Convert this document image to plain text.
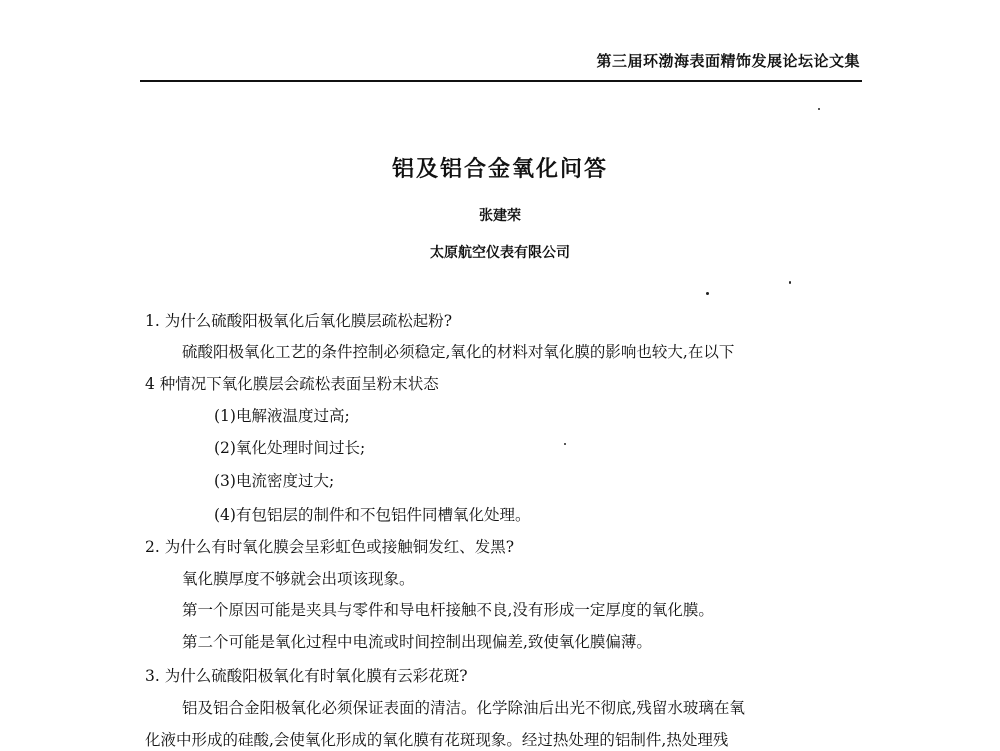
第三届环渤海表面精饰发展论坛论文集
铝及铝合金氧化问答
张建荣
太原航空仪表有限公司
1. 为什么硫酸阳极氧化后氧化膜层疏松起粉?
硫酸阳极氧化工艺的条件控制必须稳定,氧化的材料对氧化膜的影响也较大,在以下
4 种情况下氧化膜层会疏松表面呈粉末状态
(1)电解液温度过高;
(2)氧化处理时间过长;
(3)电流密度过大;
(4)有包铝层的制件和不包铝件同槽氧化处理。
2. 为什么有时氧化膜会呈彩虹色或接触铜发红、发黑?
氧化膜厚度不够就会出项该现象。
第一个原因可能是夹具与零件和导电杆接触不良,没有形成一定厚度的氧化膜。
第二个可能是氧化过程中电流或时间控制出现偏差,致使氧化膜偏薄。
3. 为什么硫酸阳极氧化有时氧化膜有云彩花斑?
铝及铝合金阳极氧化必须保证表面的清洁。化学除油后出光不彻底,残留水玻璃在氧
化液中形成的硅酸,会使氧化形成的氧化膜有花斑现象。经过热处理的铝制件,热处理残
